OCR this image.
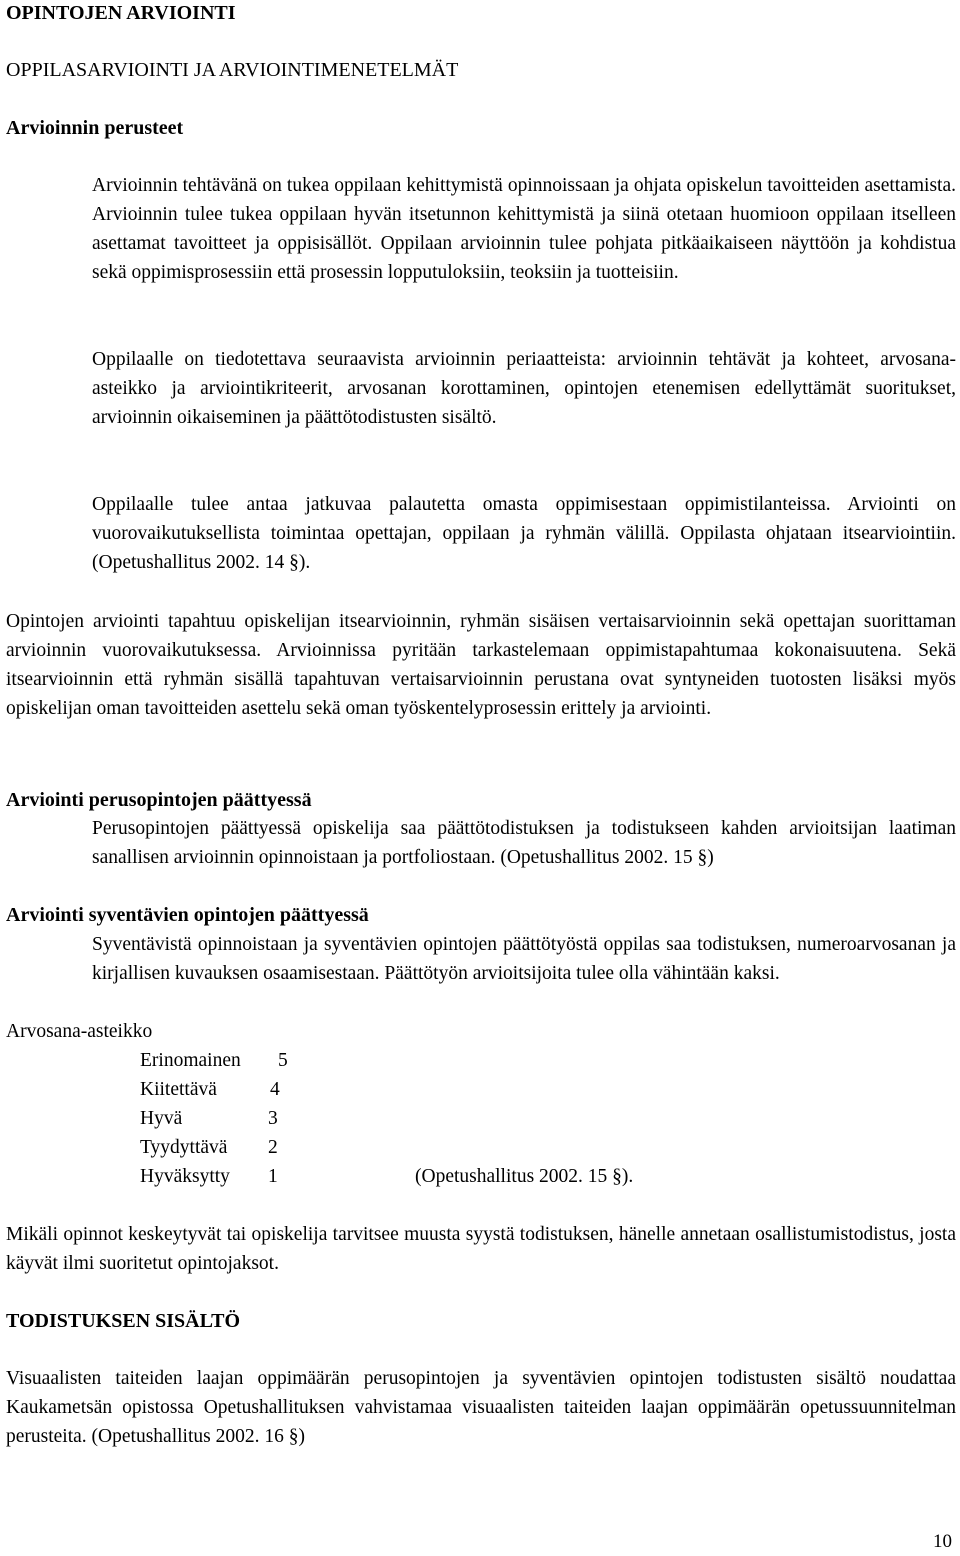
OPINTOJEN ARVIOINTI
OPPILASARVIOINTI JA ARVIOINTIMENETELMÄT
Arvioinnin perusteet

Arvioinnin tehtävänä on tukea oppilaan kehittymistä opinnoissaan ja ohjata opiskelun tavoitteiden asettamista. Arvioinnin tulee tukea oppilaan hyvän itsetunnon kehittymistä ja siinä otetaan huomioon oppilaan itselleen asettamat tavoitteet ja oppisisällöt. Oppilaan arvioinnin tulee pohjata pitkäaikaiseen näyttöön ja kohdistua sekä oppimisprosessiin että prosessin lopputuloksiin, teoksiin ja tuotteisiin.

Oppilaalle on tiedotettava seuraavista arvioinnin periaatteista: arvioinnin tehtävät ja kohteet, arvosana-asteikko ja arviointikriteerit, arvosanan korottaminen, opintojen etenemisen edellyttämät suoritukset, arvioinnin oikaiseminen ja päättötodistusten sisältö.

Oppilaalle tulee antaa jatkuvaa palautetta omasta oppimisestaan oppimistilanteissa. Arviointi on vuorovaikutuksellista toimintaa opettajan, oppilaan ja ryhmän välillä. Oppilasta ohjataan itsearviointiin. (Opetushallitus 2002. 14 §).

Opintojen arviointi tapahtuu opiskelijan itsearvioinnin, ryhmän sisäisen vertaisarvioinnin sekä opettajan suorittaman arvioinnin vuorovaikutuksessa. Arvioinnissa pyritään tarkastelemaan oppimistapahtumaa kokonaisuutena. Sekä itsearvioinnin että ryhmän sisällä tapahtuvan vertaisarvioinnin perustana ovat syntyneiden tuotosten lisäksi myös opiskelijan oman tavoitteiden asettelu sekä oman työskentelyprosessin erittely ja arviointi.

Arviointi perusopintojen päättyessä

Perusopintojen päättyessä opiskelija saa päättötodistuksen ja todistukseen kahden arvioitsijan laatiman sanallisen arvioinnin opinnoistaan ja portfoliostaan. (Opetushallitus 2002. 15 §)

Arviointi syventävien opintojen päättyessä

Syventävistä opinnoistaan ja syventävien opintojen päättötyöstä oppilas saa todistuksen, numeroarvosanan ja kirjallisen kuvauksen osaamisestaan. Päättötyön arvioitsijoita tulee olla vähintään kaksi.

Arvosana-asteikko
Erinomainen 5
Kiitettävä	4
Hyvä	3
Tyydyttävä 2
Hyväksytty 1	(Opetushallitus 2002. 15 §).

Mikäli opinnot keskeytyvät tai opiskelija tarvitsee muusta syystä todistuksen, hänelle annetaan osallistumistodistus, josta käyvät ilmi suoritetut opintojaksot.

TODISTUKSEN SISÄLTÖ

Visuaalisten taiteiden laajan oppimäärän perusopintojen ja syventävien opintojen todistusten sisältö noudattaa Kaukametsän opistossa Opetushallituksen vahvistamaa visuaalisten taiteiden laajan oppimäärän opetussuunnitelman perusteita. (Opetushallitus 2002. 16 §)

10
